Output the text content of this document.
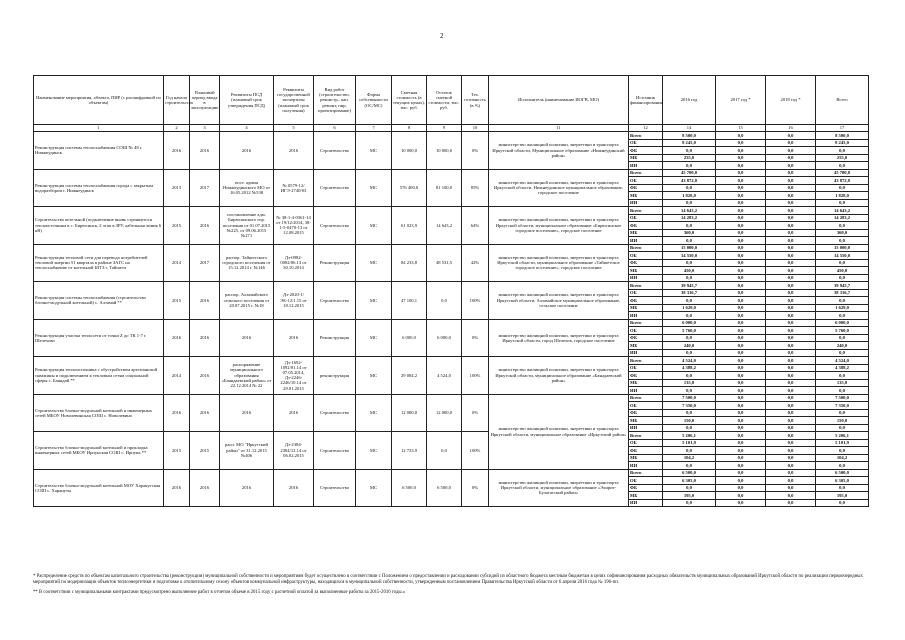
2
Наименование мероприятия, объекта, ПИР (с расшифровкой по объектам)	Год начала строительства	Плановый период ввода в эксплуатацию	Реквизиты ПСД (плановый срок утверждения ПСД)	Реквизиты государственной экспертизы (плановый срок получения)	Вид работ (строительство, реконстр., кап. ремонт, пир, проектирование)	Форма собственности (ОС/МС)	Сметная стоимость (в текущих ценах), тыс. руб.	Остаток сметной стоимости, тыс. руб.	Тех. готовность (в %)	Исполнитель (наименование ИОГВ, МО)	Источник финансирования	2016 год	2017 год *	2018 год *	Всего
1	2	3	4	5	6	7	8	9	10	11	12	14	15	16	17
Реконструкция системы теплоснабжения СОШ № 48 г. Нижнеудинск	2016	2016	2016	2016	Строительство	МС	10 000,0	10 000,0	0%	министерство жилищной политики, энергетики и транспорта Иркутской области, Муниципальное образование «Нижнеудинский район»	Всего	8 500,0	0,0	0,0	8 500,0
											ОБ	8 245,0	0,0	0,0	8 245,0
											ФБ	0,0	0,0	0,0	0,0
											МБ	255,0	0,0	0,0	255,0
											ИИ	0,0	0,0	0,0	0,0
Реконструкция системы теплоснабжения города с закрытым водоразбором г. Нижнеудинск	2013	2017	пост. админ Нижнеудинского МО от 16.05.2012 №538	№ 0579-12/ИГЭ-2740/03	Строительство	МС	576 400,0	81 100,0	85%	министерство жилищной политики, энергетики и транспорта Иркутской области, Нижнеудинское муниципальное образование, городское поселение	Всего	45 700,0	0,0	0,0	45 700,0
											ОБ	43 872,0	0,0	0,0	43 872,0
											ФБ	0,0	0,0	0,0	0,0
											МБ	1 828,0	0,0	0,0	1 828,0
											ИИ	0,0	0,0	0,0	0,0
Строительство котельной (подключение вновь строящегося теплоисточника в с. Бирюсинск, 2 этап в ЗРУ, кабельная линия 6 кВ)	2015	2016	постановление адм. Бирюсинского гор. поселения от 01.07.2015 №225, от 09.06.2015 №271	№ 38-1-4-0361-14 от 19/12/2014, 38-1-5-0470-13 от 12.08.2015	Строительство	МС	61 023,9	14 643,2	64%	министерство жилищной политики, энергетики и транспорта Иркутской области, муниципальное образование «Бирюсинское городское поселение», городское поселение	Всего	14 643,2	0,0	0,0	14 643,2
											ОБ	14 283,2	0,0	0,0	14 283,2
											ФБ	0,0	0,0	0,0	0,0
											МБ	360,0	0,0	0,0	360,0
											ИИ	0,0	0,0	0,0	0,0
Реконструкция тепловой сети для перевода потребителей тепловой энергии 51 квартала в районе ЗАГС на теплоснабжение от котельной ШТЗ г. Тайшета	2014	2017	распор. Тайшетского городского поселения от 15.12.2014 г. №146	Дз-0982-0082/06.13 от 30.10.2014	Реконструкция	МС	84 233,8	48 531,5	42%	министерство жилищной политики, энергетики и транспорта Иркутской области, муниципальное образование «Тайшетское городское поселение», городское поселение	Всего	15 000,0	0,0	0,0	15 000,0
											ОБ	14 550,0	0,0	0,0	14 550,0
											ФБ	0,0	0,0	0,0	0,0
											МБ	450,0	0,0	0,0	450,0
											ИИ	0,0	0,0	0,0	0,0
Реконструкция системы теплоснабжения (строительство блочно-модульной котельной) с. Алзамай **	2015	2016	распор. Алзамайского сельского поселения от 20.07.2015 г. №18	Дз-2020-1/ЭБ-12/1.15 от 18.12.2015	Строительство	МС	47 100,1	0,0	100%	министерство жилищной политики, энергетики и транспорта Иркутской области, Алзамайское муниципальное образование, сельское поселение	Всего	39 945,7	0,0	0,0	39 945,7
											ОБ	38 316,7	0,0	0,0	38 316,7
											ФБ	0,0	0,0	0,0	0,0
											МБ	1 629,0	0,0	0,0	1 629,0
											ИИ	0,0	0,0	0,0	0,0
Реконструкция участка теплосети от точки Z до ТК 1-7 г. Шелехово	2016	2016	2016	2016	Реконструкция	МС	6 000,0	6 000,0	0%	министерство жилищной политики, энергетики и транспорта Иркутской области, город Шелехов, городское поселение	Всего	6 000,0	0,0	0,0	6 000,0
											ОБ	5 760,0	0,0	0,0	5 760,0
											ФБ	0,0	0,0	0,0	0,0
											МБ	240,0	0,0	0,0	240,0
											ИИ	0,0	0,0	0,0	0,0
Реконструкция теплоисточника с обустройством артезианской скважины и подключением к тепловым сетям социальной сферы с. Баяндай **	2014	2016	распоряжение муниципального образования «Баяндаевский район» от 22.12.2014 № 22	Дз-1692-1092/01.14 от 07.05.2014, Дз-2246-2246/10.14 от 29.01.2015	реконструкция	МС	29 084,2	4 524,0	100%	министерство жилищной политики, энергетики и транспорта Иркутской области, муниципальное образование «Баяндаевский район»	Всего	4 524,0	0,0	0,0	4 524,0
											ОБ	4 388,2	0,0	0,0	4 388,2
											ФБ	0,0	0,0	0,0	0,0
											МБ	135,8	0,0	0,0	135,8
											ИИ	0,0	0,0	0,0	0,0
Строительство блочно-модульной котельной и инженерных сетей МБОУ Новолевинская СОШ с. Новолевино	2016	2016	2016	2016	Строительство	МС	12 000,0	12 000,0	0%	министерство жилищной политики, энергетики и транспорта Иркутской области, муниципальное образование «Иркутский район»	Всего	7 500,0	0,0	0,0	7 500,0
											ОБ	7 350,0	0,0	0,0	7 350,0
											ФБ	0,0	0,0	0,0	0,0
											МБ	150,0	0,0	0,0	150,0
											ИИ	0,0	0,0	0,0	0,0
Строительство блочно-модульной котельной и прокладка инженерных сетей МБОУ Ирпунская СОШ с. Ирпунь **	2015	2015	расп. МО "Иркутский район" от 31.12.2015 №406	Дз-2384-2384/12.14 от 06.02.2015	Строительство	МС	12 733,9	0,0	100%		Всего	5 206,1	0,0	0,0	5 206,1
											ОБ	5 101,9	0,0	0,0	5 101,9
											ФБ	0,0	0,0	0,0	0,0
											МБ	104,2	0,0	0,0	104,2
											ИИ	0,0	0,0	0,0	0,0
Строительство блочно-модульной котельной МОУ Харанутская СОШ с. Харануты	2016	2016	2016	2016	Строительство	МС	6 500,0	6 500,0	0%	министерство жилищной политики, энергетики и транспорта Иркутской области, муниципальное образование «Эхирит-Булагатский район»	Всего	6 500,0	0,0	0,0	6 500,0
											ОБ	6 305,0	0,0	0,0	6 305,0
											ФБ	0,0	0,0	0,0	0,0
											МБ	195,0	0,0	0,0	195,0
											ИИ	0,0	0,0	0,0	0,0

* Распределение средств по объектам капитального строительства (реконструкции) муниципальной собственности и мероприятиям будет осуществлено в соответствии с Положением о предоставлении и расходовании субсидий из областного бюджета местным бюджетам в целях софинансирования расходных обязательств муниципальных образований Иркутской области по реализации первоочередных мероприятий по модернизации объектов теплоэнергетики и подготовке к отопительному сезону объектов коммунальной инфраструктуры, находящихся в муниципальной собственности, утвержденным постановлением Правительства Иркутской области от 6 апреля 2016 года № 196-пп.

** В соответствии с муниципальными контрактами предусмотрено выполнение работ в отчетом объеме в 2015 году с расчетной оплатой за выполненные работы за 2015-2016 годы.»
